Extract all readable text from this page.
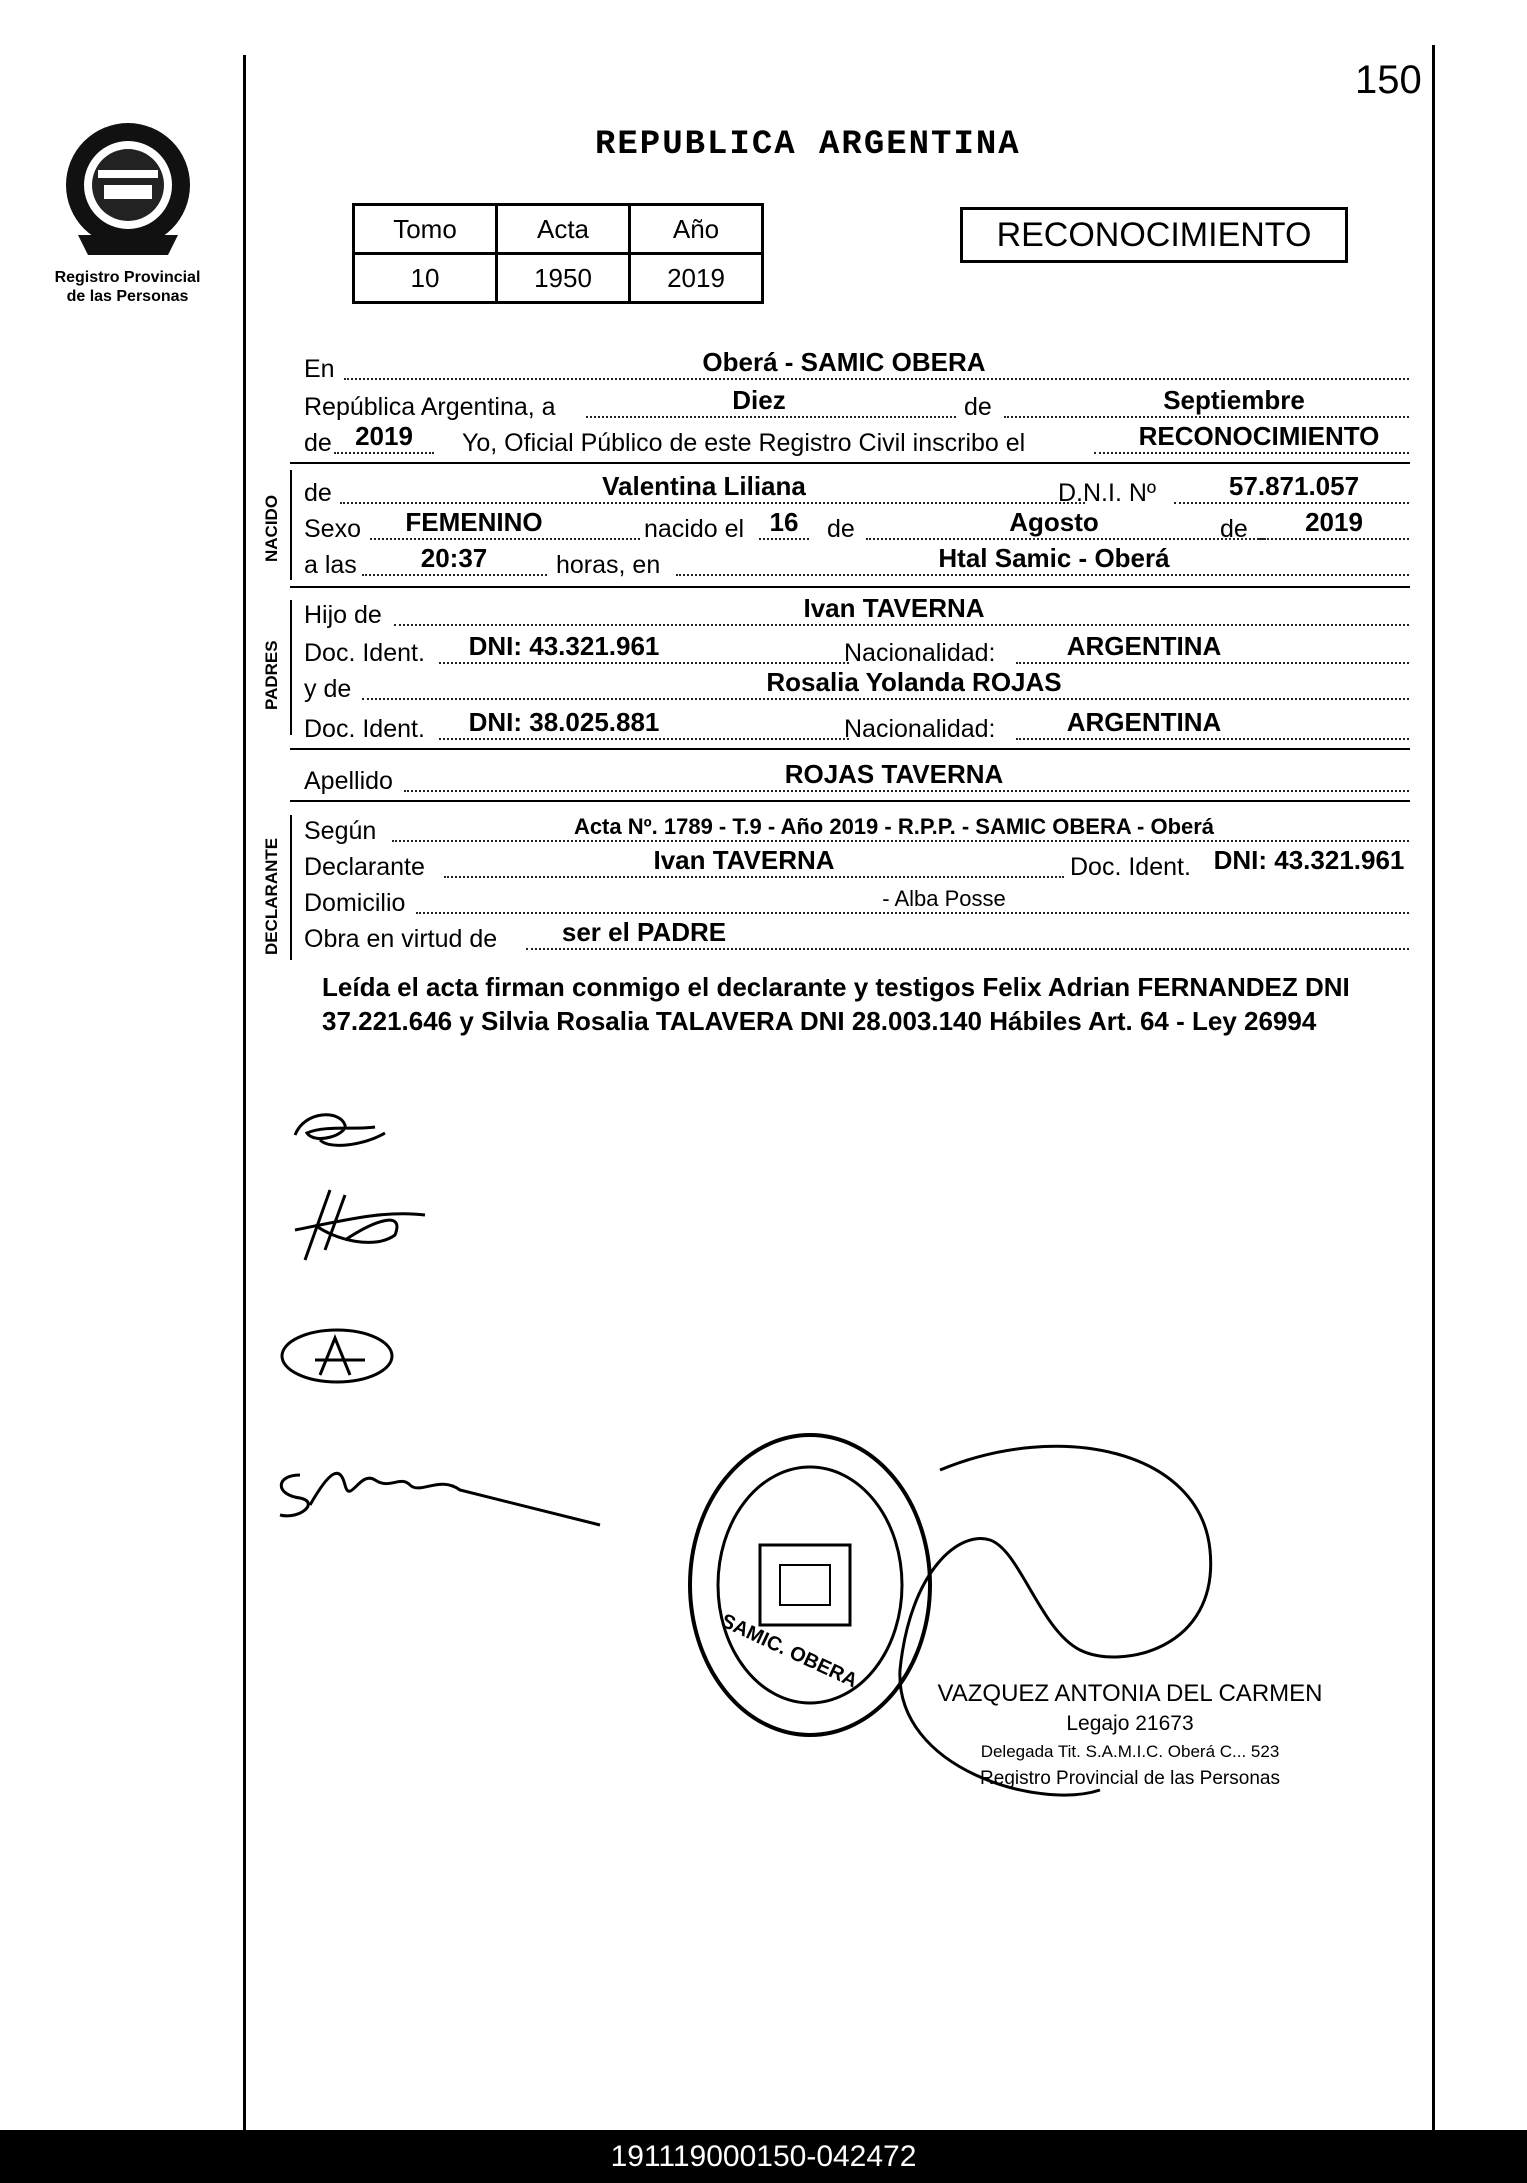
150
Registro Provincial
de las Personas
REPUBLICA ARGENTINA
Tomo	Acta	Año
10	1950	2019
RECONOCIMIENTO
En	Oberá - SAMIC OBERA
República Argentina, a	Diez	de	Septiembre
de 2019	Yo, Oficial Público de este Registro Civil inscribo el	RECONOCIMIENTO
NACIDO
de	Valentina Liliana	D.N.I. Nº	57.871.057
Sexo	FEMENINO	nacido el 16	de	Agosto	de	2019
a las	20:37	horas, en	Htal Samic - Oberá
PADRES
Hijo de	Ivan TAVERNA
Doc. Ident.	DNI: 43.321.961	Nacionalidad:	ARGENTINA
y de	Rosalia Yolanda ROJAS
Doc. Ident.	DNI: 38.025.881	Nacionalidad:	ARGENTINA
Apellido	ROJAS TAVERNA
DECLARANTE
Según	Acta Nº. 1789 - T.9 - Año 2019 - R.P.P. - SAMIC OBERA - Oberá
Declarante	Ivan TAVERNA	Doc. Ident. DNI: 43.321.961
Domicilio	- Alba Posse
Obra en virtud de	ser el PADRE
Leída el acta firman conmigo el declarante y testigos Felix Adrian FERNANDEZ DNI 37.221.646 y Silvia Rosalia TALAVERA DNI 28.003.140 Hábiles Art. 64 - Ley 26994
SAMIC. OBERA
VAZQUEZ ANTONIA DEL CARMEN
Legajo 21673
Delegada Tit. S.A.M.I.C. Oberá C... 523
Registro Provincial de las Personas
191119000150-042472
